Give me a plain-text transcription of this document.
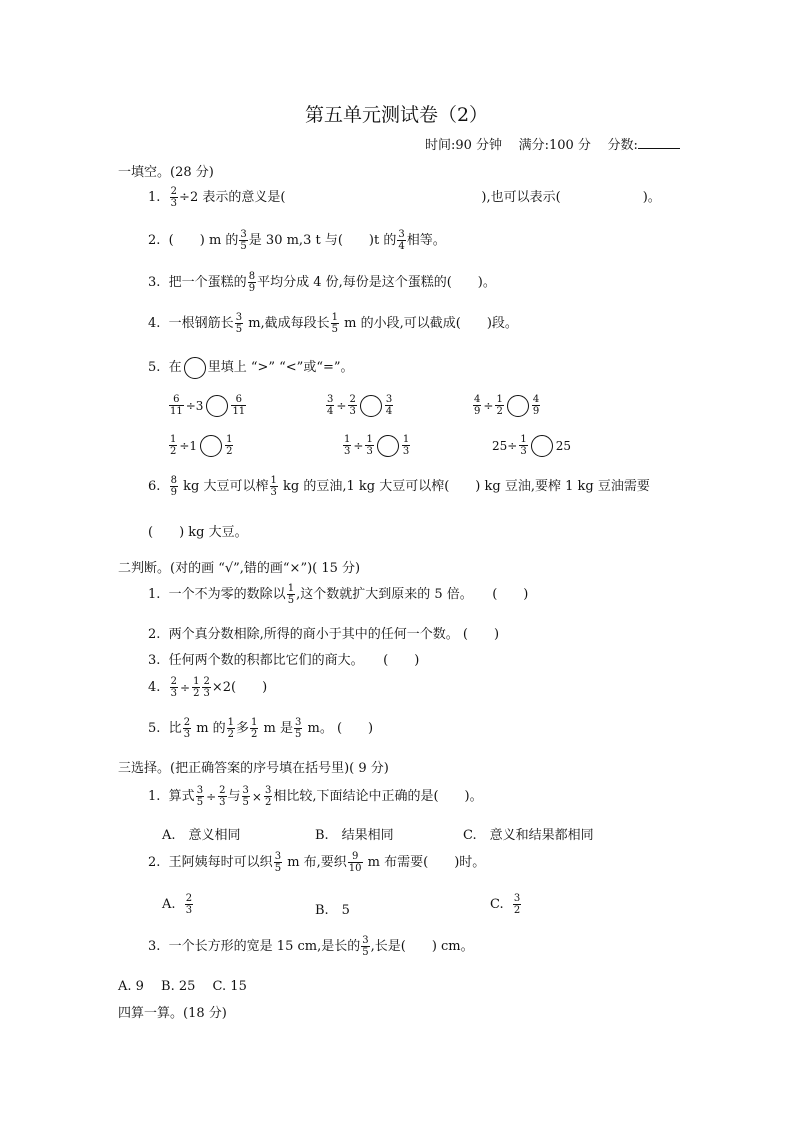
第五单元测试卷（2）
时间:90 分钟 满分:100 分 分数:
一填空。(28 分)
1. $\frac{2}{3} \div 2$ 表示的意义是(	),也可以表示(	)。
2. (　　) m 的 $\frac{3}{5}$ 是 30 m,3 t 与(　　)t 的 $\frac{3}{4}$ 相等。
3. 把一个蛋糕的 $\frac{8}{9}$ 平均分成 4 份,每份是这个蛋糕的(　　)。
4. 一根钢筋长 $\frac{3}{5} m$,截成每段长 $\frac{1}{5}$ m 的小段,可以截成(　　)段。
5. 在 里填上 “>” “<”或“=”。
$\frac{6}{11} \div 3$	$\frac{6}{11}$	$\frac{3}{4} \div \frac{2}{3}$	$\frac{3}{4}$	$\frac{4}{9} \div \frac{1}{2}$	$\frac{4}{9}$
$\frac{1}{2} \div 1$	$\frac{1}{2}$	$\frac{1}{3} \div \frac{1}{3}$	$\frac{1}{3}$	$25\div \frac{1}{3} 25$
6. $\frac{8}{9}$ kg 大豆可以榨 $\frac{1}{3}$ kg 的豆油,1 kg 大豆可以榨(　　) kg 豆油,要榨 1 kg 豆油需要
(　　) kg 大豆。
二判断。(对的画 “√”,错的画“×”)( 15 分)
1. 一个不为零的数除以 $\frac{1}{5}$ ,这个数就扩大到原来的 5 倍。　　(　　)
2. 两个真分数相除,所得的商小于其中的任何一个数。 (　　)
3. 任何两个数的积都比它们的商大。　　(　　)
4. $\frac{2}{3} \div \frac{1}{2} \frac{2}{3} \times 2$(　　)
5. 比 $\frac{2}{3}$ m 的 $\frac{1}{2}$ 多 $\frac{1}{2}$ m 是 $\frac{3}{5}$ m。 (　　)
三选择。(把正确答案的序号填在括号里)( 9 分)
1. 算式 $\frac{3}{5} \div \frac{2}{3}$ 与 $\frac{3}{5} \times \frac{3}{2}$ 相比较,下面结论中正确的是(　　)。
A.　意义相同	B.　结果相同	C.　意义和结果都相同
2. 王阿姨每时可以织 $\frac{3}{5}$ m 布,要织 $\frac{9}{10}$ m 布需要(　　)时。
A. $\frac{2}{3}$	B.　5	C. $\frac{3}{2}$
3. 一个长方形的宽是 15 cm,是长的 $\frac{3}{5}$ ,长是(　　) cm。
A. 9　 B. 25　 C. 15
四算一算。(18 分)
